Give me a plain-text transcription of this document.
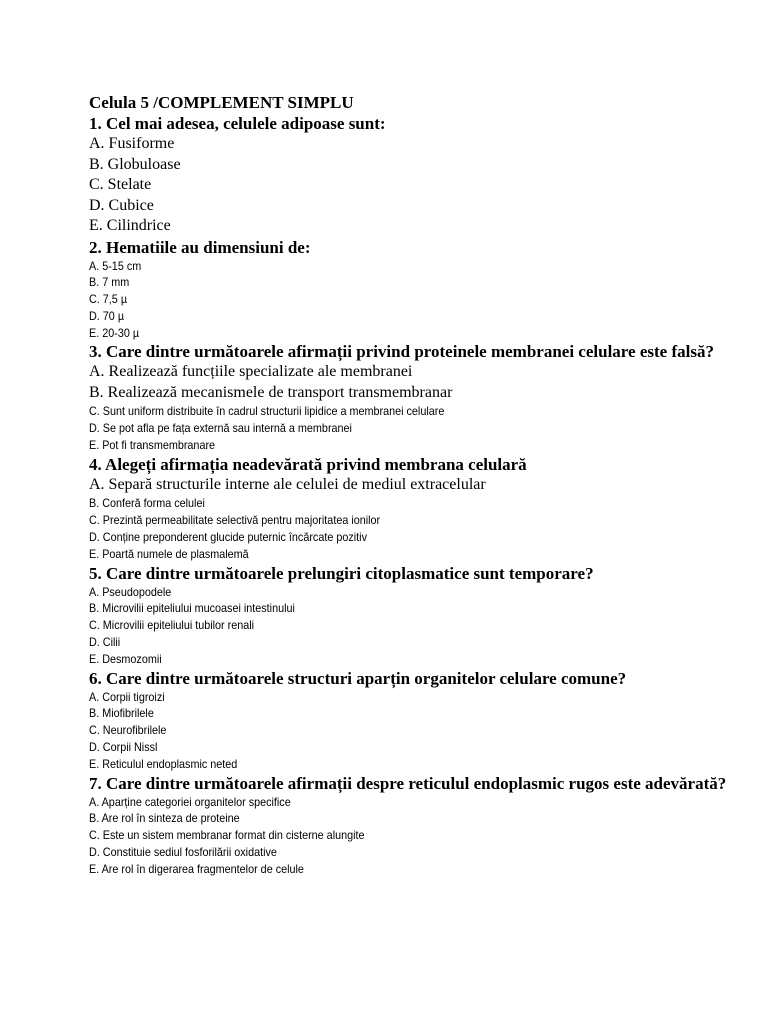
Celula 5 /COMPLEMENT SIMPLU

1. Cel mai adesea, celulele adipoase sunt:

A. Fusiforme

B. Globuloase

C. Stelate

D. Cubice

E. Cilindrice

2. Hematiile au dimensiuni de:

A. 5-15 cm

B. 7 mm

C. 7,5 µ

D. 70 µ

E. 20-30 µ

3. Care dintre următoarele afirmații privind proteinele membranei celulare este falsă?

A. Realizează funcțiile specializate ale membranei

B. Realizează mecanismele de transport transmembranar

C. Sunt uniform distribuite în cadrul structurii lipidice a membranei celulare

D. Se pot afla pe fața externă sau internă a membranei

E. Pot fi transmembranare

4. Alegeți afirmația neadevărată privind membrana celulară

A. Separă structurile interne ale celulei de mediul extracelular

B. Conferă forma celulei

C. Prezintă permeabilitate selectivă pentru majoritatea ionilor

D. Conține preponderent glucide puternic încărcate pozitiv

E. Poartă numele de plasmalemă

5. Care dintre următoarele prelungiri citoplasmatice sunt temporare?

A. Pseudopodele

B. Microvilii epiteliului mucoasei intestinului

C. Microvilii epiteliului tubilor renali

D. Cilii

E. Desmozomii

6. Care dintre următoarele structuri aparțin organitelor celulare comune?

A. Corpii tigroizi

B. Miofibrilele

C. Neurofibrilele

D. Corpii Nissl

E. Reticulul endoplasmic neted

7. Care dintre următoarele afirmații despre reticulul endoplasmic rugos este adevărată?

A. Aparține categoriei organitelor specifice

B. Are rol în sinteza de proteine

C. Este un sistem membranar format din cisterne alungite

D. Constituie sediul fosforilării oxidative

E. Are rol în digerarea fragmentelor de celule
